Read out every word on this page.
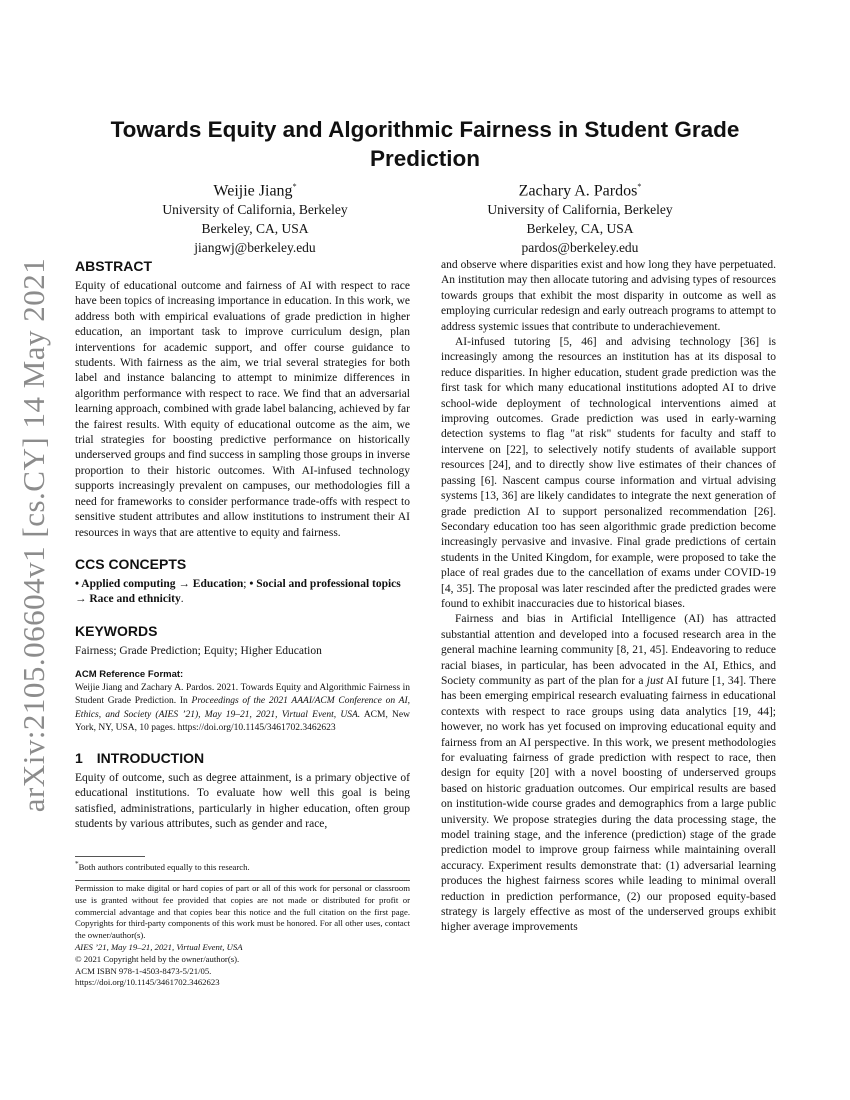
arXiv:2105.06604v1 [cs.CY] 14 May 2021
Towards Equity and Algorithmic Fairness in Student Grade Prediction
Weijie Jiang*
University of California, Berkeley
Berkeley, CA, USA
jiangwj@berkeley.edu
Zachary A. Pardos*
University of California, Berkeley
Berkeley, CA, USA
pardos@berkeley.edu
ABSTRACT

Equity of educational outcome and fairness of AI with respect to race have been topics of increasing importance in education. In this work, we address both with empirical evaluations of grade prediction in higher education, an important task to improve curriculum design, plan interventions for academic support, and offer course guidance to students. With fairness as the aim, we trial several strategies for both label and instance balancing to attempt to minimize differences in algorithm performance with respect to race. We find that an adversarial learning approach, combined with grade label balancing, achieved by far the fairest results. With equity of educational outcome as the aim, we trial strategies for boosting predictive performance on historically underserved groups and find success in sampling those groups in inverse proportion to their historic outcomes. With AI-infused technology supports increasingly prevalent on campuses, our methodologies fill a need for frameworks to consider performance trade-offs with respect to sensitive student attributes and allow institutions to instrument their AI resources in ways that are attentive to equity and fairness.

CCS CONCEPTS

• Applied computing → Education; • Social and professional topics → Race and ethnicity.

KEYWORDS

Fairness; Grade Prediction; Equity; Higher Education

ACM Reference Format:

Weijie Jiang and Zachary A. Pardos. 2021. Towards Equity and Algorithmic Fairness in Student Grade Prediction. In Proceedings of the 2021 AAAI/ACM Conference on AI, Ethics, and Society (AIES ’21), May 19–21, 2021, Virtual Event, USA. ACM, New York, NY, USA, 10 pages. https://doi.org/10.1145/3461702.3462623

1 INTRODUCTION

Equity of outcome, such as degree attainment, is a primary objective of educational institutions. To evaluate how well this goal is being satisfied, administrations, particularly in higher education, often group students by various attributes, such as gender and race,

*Both authors contributed equally to this research.
Permission to make digital or hard copies of part or all of this work for personal or classroom use is granted without fee provided that copies are not made or distributed for profit or commercial advantage and that copies bear this notice and the full citation on the first page. Copyrights for third-party components of this work must be honored. For all other uses, contact the owner/author(s).
AIES ’21, May 19–21, 2021, Virtual Event, USA
© 2021 Copyright held by the owner/author(s).
ACM ISBN 978-1-4503-8473-5/21/05.
https://doi.org/10.1145/3461702.3462623

and observe where disparities exist and how long they have perpetuated. An institution may then allocate tutoring and advising types of resources towards groups that exhibit the most disparity in outcome as well as employing curricular redesign and early outreach programs to attempt to address systemic issues that contribute to underachievement.

AI-infused tutoring [5, 46] and advising technology [36] is increasingly among the resources an institution has at its disposal to reduce disparities. In higher education, student grade prediction was the first task for which many educational institutions adopted AI to drive school-wide deployment of technological interventions aimed at improving outcomes. Grade prediction was used in early-warning detection systems to flag "at risk" students for faculty and staff to intervene on [22], to selectively notify students of available support resources [24], and to directly show live estimates of their chances of passing [6]. Nascent campus course information and virtual advising systems [13, 36] are likely candidates to integrate the next generation of grade prediction AI to support personalized recommendation [26]. Secondary education too has seen algorithmic grade prediction become increasingly pervasive and invasive. Final grade predictions of certain students in the United Kingdom, for example, were proposed to take the place of real grades due to the cancellation of exams under COVID-19 [4, 35]. The proposal was later rescinded after the predicted grades were found to exhibit inaccuracies due to historical biases.

Fairness and bias in Artificial Intelligence (AI) has attracted substantial attention and developed into a focused research area in the general machine learning community [8, 21, 45]. Endeavoring to reduce racial biases, in particular, has been advocated in the AI, Ethics, and Society community as part of the plan for a just AI future [1, 34]. There has been emerging empirical research evaluating fairness in educational contexts with respect to race groups using data analytics [19, 44]; however, no work has yet focused on improving educational equity and fairness from an AI perspective. In this work, we present methodologies for evaluating fairness of grade prediction with respect to race, then design for equity [20] with a novel boosting of underserved groups based on historic graduation outcomes. Our empirical results are based on institution-wide course grades and demographics from a large public university. We propose strategies during the data processing stage, the model training stage, and the inference (prediction) stage of the grade prediction model to improve group fairness while maintaining overall accuracy. Experiment results demonstrate that: (1) adversarial learning produces the highest fairness scores while leading to minimal overall reduction in prediction performance, (2) our proposed equity-based strategy is largely effective as most of the underserved groups exhibit higher average improvements
